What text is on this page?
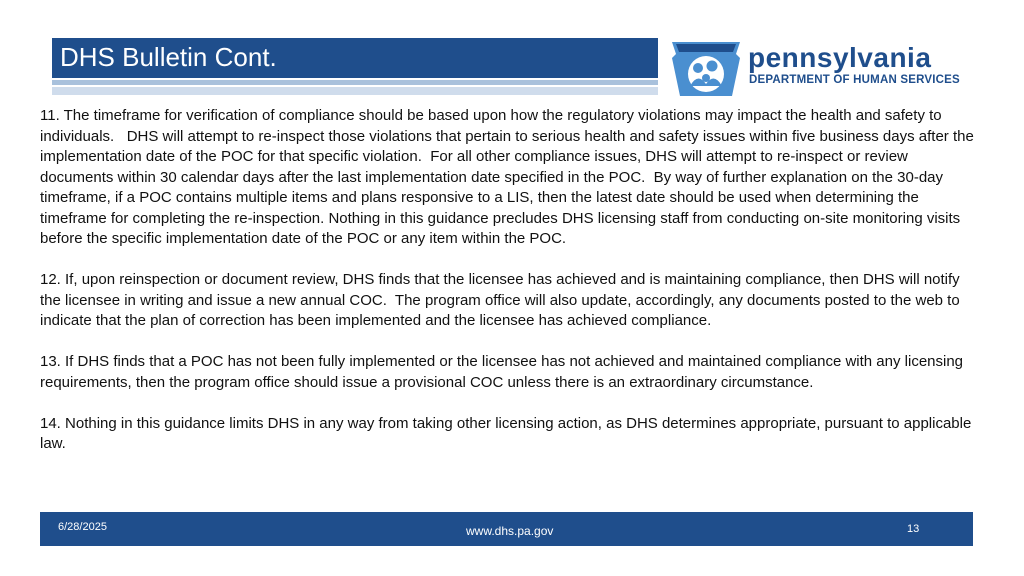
DHS Bulletin Cont.	pennsylvania
DEPARTMENT OF HUMAN SERVICES

11. The timeframe for verification of compliance should be based upon how the regulatory violations may impact the health and safety to individuals.   DHS will attempt to re-inspect those violations that pertain to serious health and safety issues within five business days after the implementation date of the POC for that specific violation.  For all other compliance issues, DHS will attempt to re-inspect or review documents within 30 calendar days after the last implementation date specified in the POC.  By way of further explanation on the 30-day timeframe, if a POC contains multiple items and plans responsive to a LIS, then the latest date should be used when determining the timeframe for completing the re-inspection. Nothing in this guidance precludes DHS licensing staff from conducting on-site monitoring visits before the specific implementation date of the POC or any item within the POC.

12. If, upon reinspection or document review, DHS finds that the licensee has achieved and is maintaining compliance, then DHS will notify the licensee in writing and issue a new annual COC.  The program office will also update, accordingly, any documents posted to the web to indicate that the plan of correction has been implemented and the licensee has achieved compliance.

13. If DHS finds that a POC has not been fully implemented or the licensee has not achieved and maintained compliance with any licensing requirements, then the program office should issue a provisional COC unless there is an extraordinary circumstance.

14. Nothing in this guidance limits DHS in any way from taking other licensing action, as DHS determines appropriate, pursuant to applicable law.

6/28/2025	www.dhs.pa.gov	13
